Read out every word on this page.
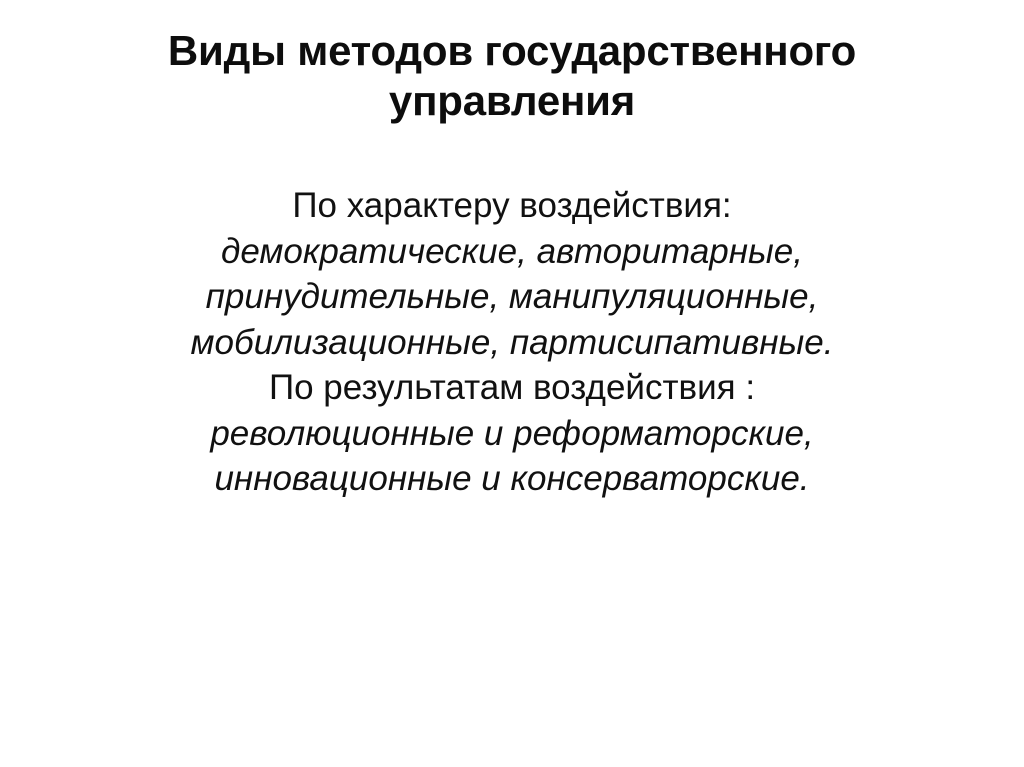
Виды методов государственного управления
По характеру воздействия:
демократические, авторитарные,
принудительные, манипуляционные,
мобилизационные, партисипативные.
По результатам воздействия :
революционные и реформаторские,
инновационные и консерваторские.
